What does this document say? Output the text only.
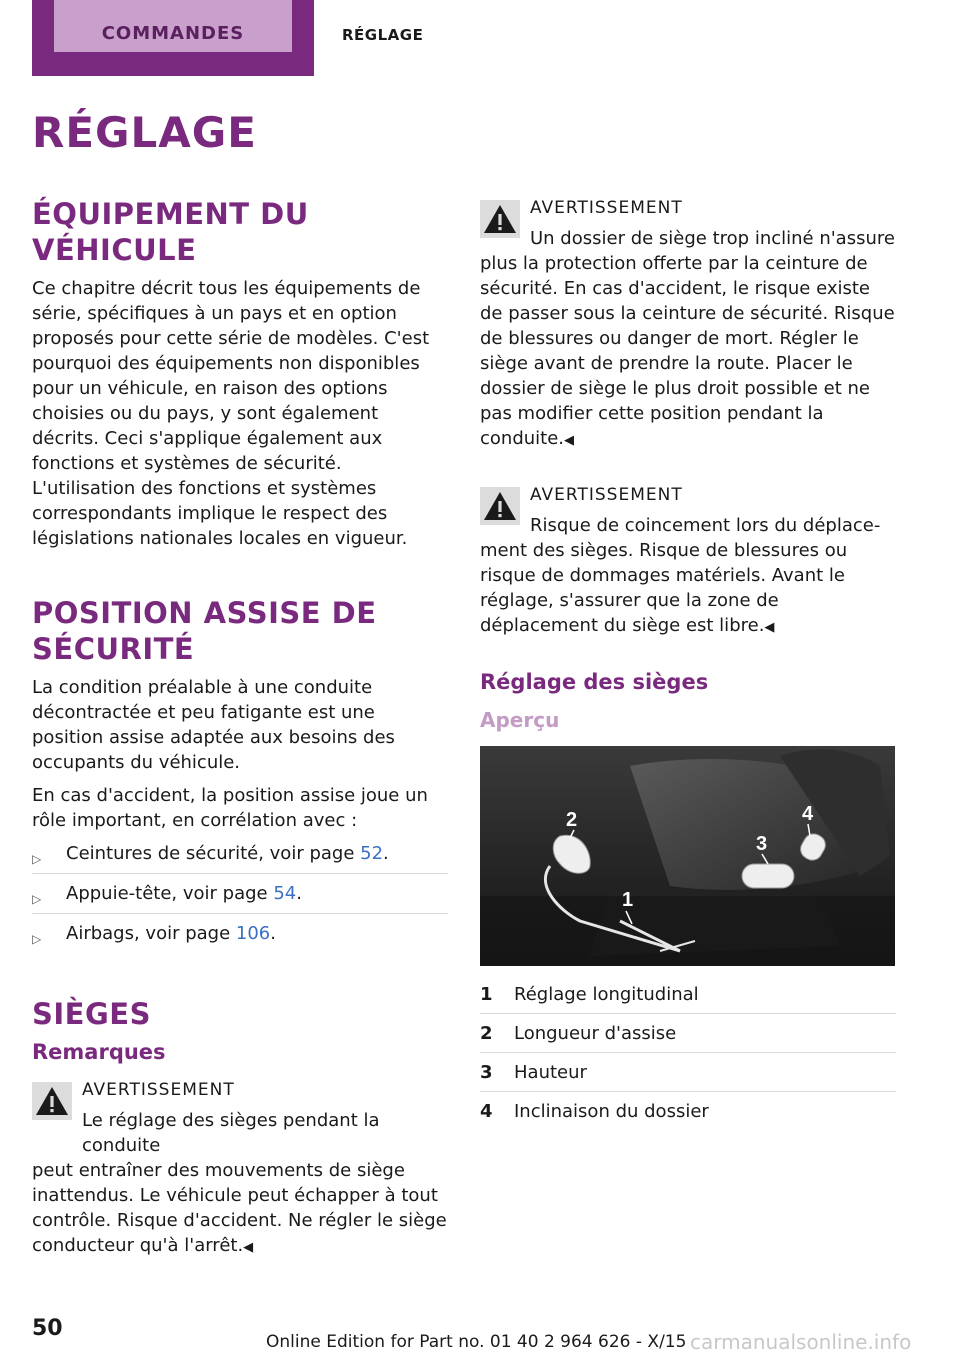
COMMANDES	RÉGLAGE
RÉGLAGE
ÉQUIPEMENT DU VÉHICULE

Ce chapitre décrit tous les équipements de série, spécifiques à un pays et en option proposés pour cette série de modèles. C'est pourquoi des équipements non disponibles pour un véhicule, en raison des options choisies ou du pays, y sont également décrits. Ceci s'applique également aux fonctions et systèmes de sécurité. L'utilisation des fonctions et systèmes correspondants implique le respect des législations nationales locales en vigueur.

POSITION ASSISE DE SÉCURITÉ

La condition préalable à une conduite décontractée et peu fatigante est une position assise adaptée aux besoins des occupants du véhicule.

En cas d'accident, la position assise joue un rôle important, en corrélation avec :

▷ Ceintures de sécurité, voir page 52.
▷ Appuie-tête, voir page 54.
▷ Airbags, voir page 106.
SIÈGES
Remarques
AVERTISSEMENT
Le réglage des sièges pendant la conduite

peut entraîner des mouvements de siège inattendus. Le véhicule peut échapper à tout contrôle. Risque d'accident. Ne régler le siège conducteur qu'à l'arrêt.◀

AVERTISSEMENT
Un dossier de siège trop incliné n'assure

plus la protection offerte par la ceinture de sécurité. En cas d'accident, le risque existe de passer sous la ceinture de sécurité. Risque de blessures ou danger de mort. Régler le siège avant de prendre la route. Placer le dossier de siège le plus droit possible et ne pas modifier cette position pendant la conduite.◀

AVERTISSEMENT
Risque de coincement lors du déplace-

ment des sièges. Risque de blessures ou risque de dommages matériels. Avant le réglage, s'assurer que la zone de déplacement du siège est libre.◀

Réglage des sièges
Aperçu
1
2
3
4
1	Réglage longitudinal
2	Longueur d'assise
3	Hauteur
4	Inclinaison du dossier
50
Online Edition for Part no. 01 40 2 964 626 - X/15 carmanualsonline.info
